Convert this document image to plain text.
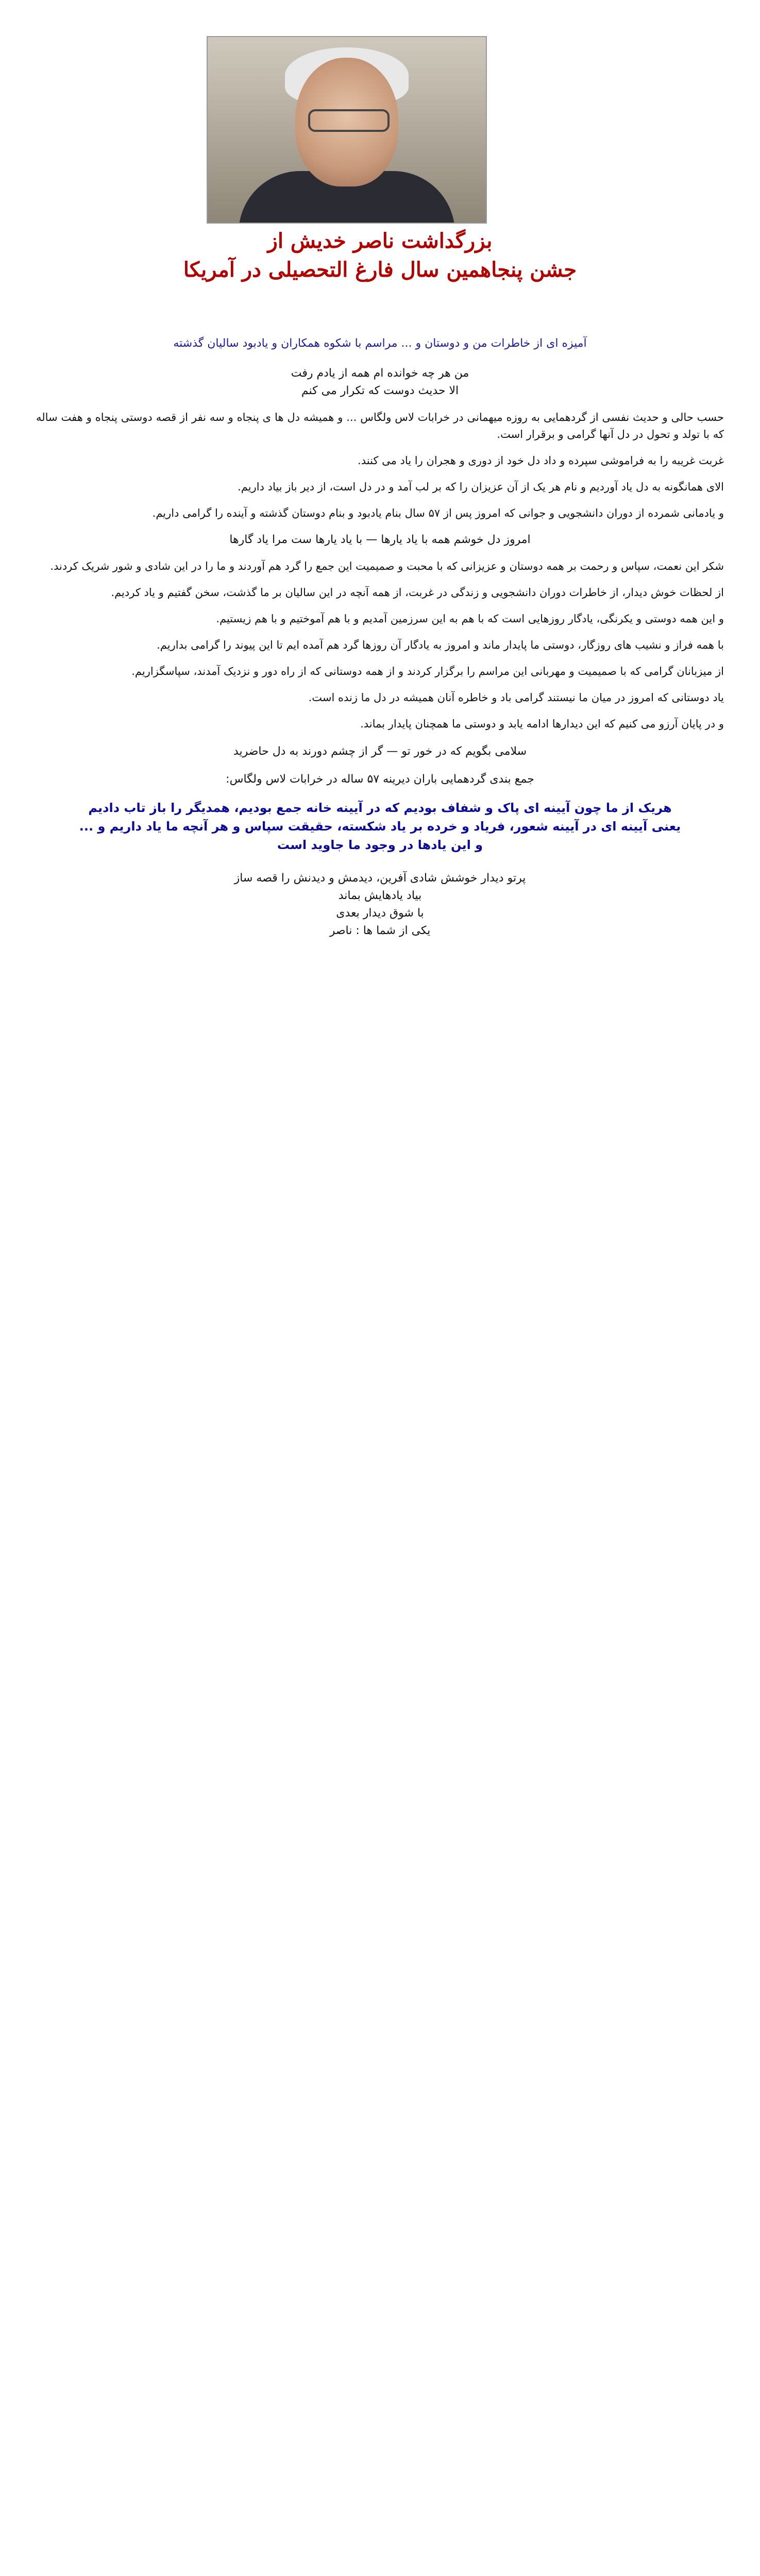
بزرگداشت ناصر خدیش از
جشن پنجاهمین سال فارغ التحصیلی در آمریکا
آمیزه ای از خاطرات من و دوستان و ... مراسم با شکوه همکاران و یادبود سالیان گذشته
من هر چه خوانده ام همه از یادم رفت
الا حدیث دوست که تکرار می کنم

حسب حالی و حدیث نفسی از گردهمایی به روزه میهمانی در خرابات لاس ولگاس ... و همیشه دل ها ی پنجاه و سه نفر از قصه دوستی پنجاه و هفت ساله که با تولد و تحول در دل آنها گرامی و برقرار است.

غربت غریبه را به فراموشی سپرده و داد دل خود از دوری و هجران را یاد می کنند.

الای همانگونه به دل یاد آوردیم و نام هر یک از آن عزیزان را که بر لب آمد و در دل است، از دیر باز بیاد داریم.

و یادمانی شمرده از دوران دانشجویی و جوانی که امروز پس از ۵۷ سال بنام یادبود و بنام دوستان گذشته و آینده را گرامی داریم.

امروز دل خوشم همه با یاد یارها — با یاد یارها ست مرا یاد گارها

شکر این نعمت، سپاس و رحمت بر همه دوستان و عزیزانی که با محبت و صمیمیت این جمع را گرد هم آوردند و ما را در این شادی و شور شریک کردند.

از لحظات خوش دیدار، از خاطرات دوران دانشجویی و زندگی در غربت، از همه آنچه در این سالیان بر ما گذشت، سخن گفتیم و یاد کردیم.

و این همه دوستی و یکرنگی، یادگار روزهایی است که با هم به این سرزمین آمدیم و با هم آموختیم و با هم زیستیم.

با همه فراز و نشیب های روزگار، دوستی ما پایدار ماند و امروز به یادگار آن روزها گرد هم آمده ایم تا این پیوند را گرامی بداریم.

از میزبانان گرامی که با صمیمیت و مهربانی این مراسم را برگزار کردند و از همه دوستانی که از راه دور و نزدیک آمدند، سپاسگزاریم.

یاد دوستانی که امروز در میان ما نیستند گرامی باد و خاطره آنان همیشه در دل ما زنده است.

و در پایان آرزو می کنیم که این دیدارها ادامه یابد و دوستی ما همچنان پایدار بماند.

سلامی بگویم که در خور تو — گر از چشم دورند به دل حاضرید
جمع بندی گردهمایی باران دیرینه ۵۷ ساله در خرابات لاس ولگاس:
هریک از ما چون آیینه ای پاک و شفاف بودیم که در آیینه خانه جمع بودیم، همدیگر را باز تاب دادیم
یعنی آیینه ای در آیینه شعور، فریاد و خرده بر یاد شکسته، حقیقت سپاس و هر آنچه ما یاد داریم و ...
و این یادها در وجود ما جاوید است
پرتو دیدار خوشش شادی آفرین، دیدمش و دیدنش را قصه ساز
بیاد یادهایش بماند
با شوق دیدار بعدی
یکی از شما ها : ناصر
